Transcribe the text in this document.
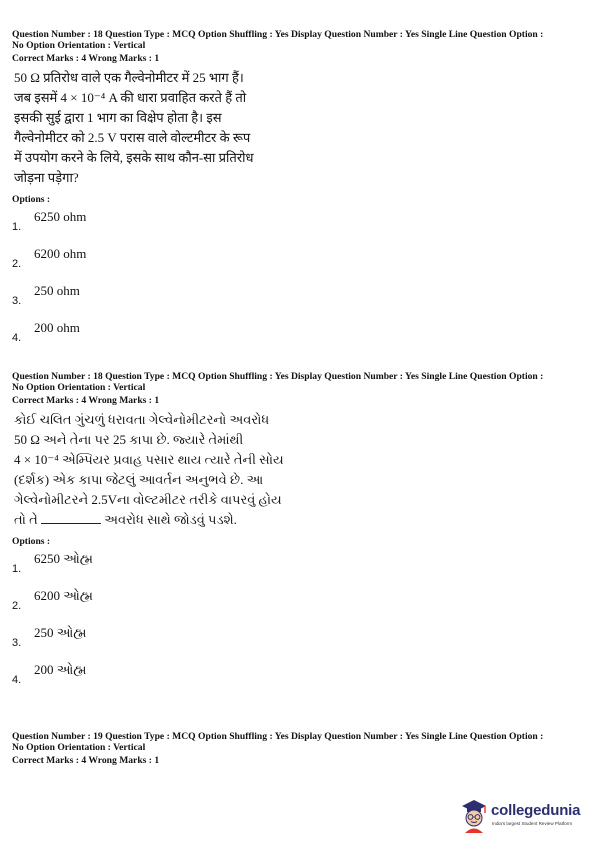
Question Number : 18 Question Type : MCQ Option Shuffling : Yes Display Question Number : Yes Single Line Question Option :
No Option Orientation : Vertical
Correct Marks : 4 Wrong Marks : 1
50 Ω प्रतिरोध वाले एक गैल्वेनोमीटर में 25 भाग हैं।
जब इसमें 4 × 10⁻⁴ A की धारा प्रवाहित करते हैं तो
इसकी सुई द्वारा 1 भाग का विक्षेप होता है। इस
गैल्वेनोमीटर को 2.5 V परास वाले वोल्टमीटर के रूप
में उपयोग करने के लिये, इसके साथ कौन-सा प्रतिरोध
जोड़ना पड़ेगा?
Options :
1.
6250 ohm
2.
6200 ohm
3.
250 ohm
4.
200 ohm
Question Number : 18 Question Type : MCQ Option Shuffling : Yes Display Question Number : Yes Single Line Question Option :
No Option Orientation : Vertical
Correct Marks : 4 Wrong Marks : 1
કોઈ ચલિત ગુંચળું ધરાવતા ગેલ્વેનોમીટરનો અવરોધ
50 Ω અને તેના પર 25 કાપા છે. જ્યારે તેમાંથી
4 × 10⁻⁴ એમ્પિયર પ્રવાહ પસાર થાય ત્યારે તેની સોય
(દર્શક) એક કાપા જેટલું આવર્તન અનુભવે છે. આ
ગેલ્વેનોમીટરને 2.5Vના વોલ્ટમીટર તરીકે વાપરવું હોય
તો તે	અવરોધ સાથે જોડવું પડશે.
Options :
1.
6250 ઓહ્મ
2.
6200 ઓહ્મ
3.
250 ઓહ્મ
4.
200 ઓહ્મ
Question Number : 19 Question Type : MCQ Option Shuffling : Yes Display Question Number : Yes Single Line Question Option :
No Option Orientation : Vertical
Correct Marks : 4 Wrong Marks : 1
collegedunia
India's largest Student Review Platform
